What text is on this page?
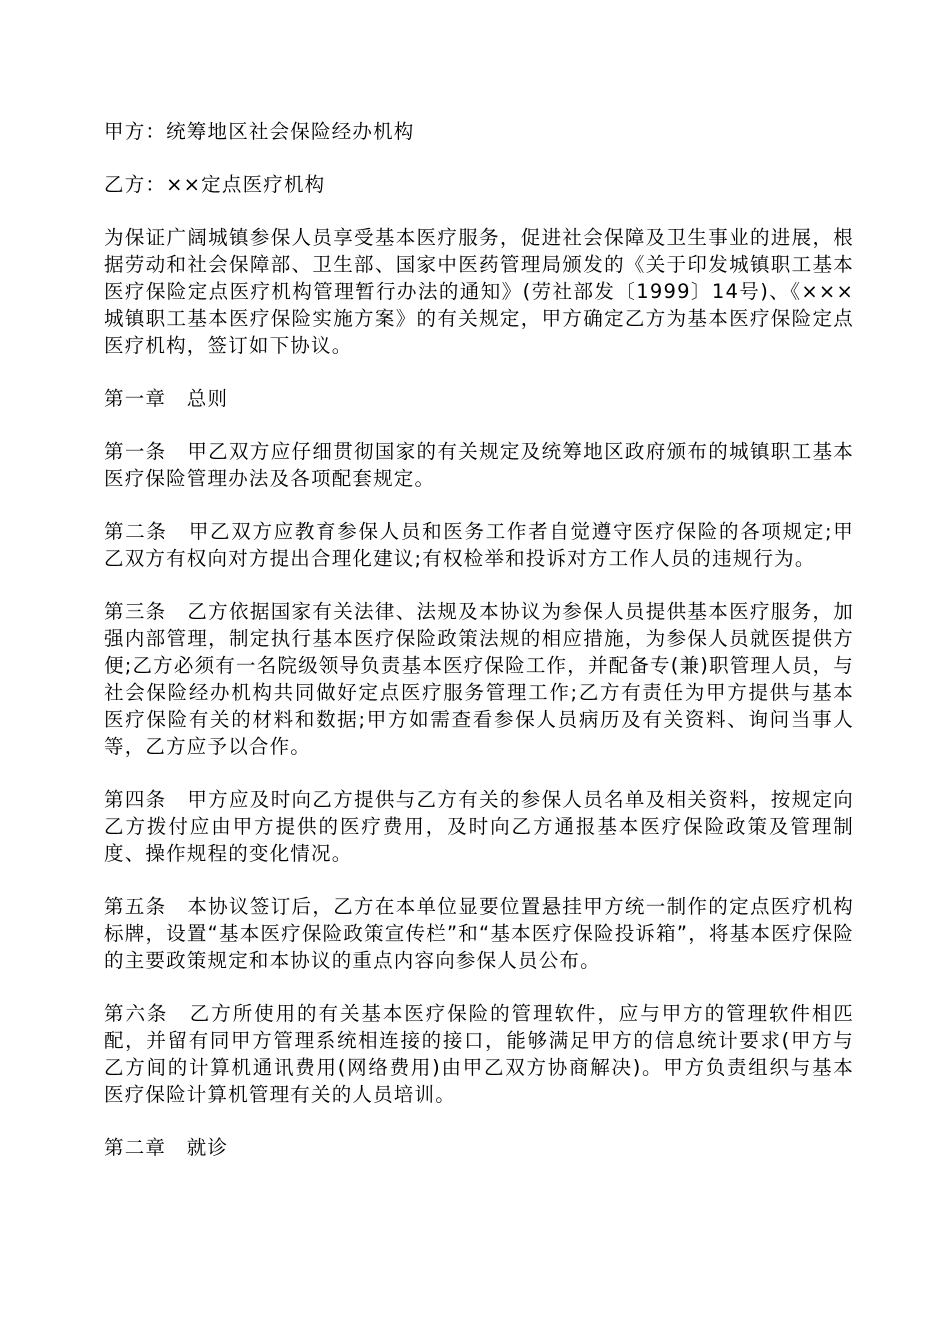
甲方：统筹地区社会保险经办机构
乙方：××定点医疗机构
为保证广阔城镇参保人员享受基本医疗服务，促进社会保障及卫生事业的进展，根据劳动和社会保障部、卫生部、国家中医药管理局颁发的《关于印发城镇职工基本医疗保险定点医疗机构管理暂行办法的通知》(劳社部发〔1999〕14号)、《×××城镇职工基本医疗保险实施方案》的有关规定，甲方确定乙方为基本医疗保险定点医疗机构，签订如下协议。
第一章　总则
第一条　甲乙双方应仔细贯彻国家的有关规定及统筹地区政府颁布的城镇职工基本医疗保险管理办法及各项配套规定。
第二条　甲乙双方应教育参保人员和医务工作者自觉遵守医疗保险的各项规定;甲乙双方有权向对方提出合理化建议;有权检举和投诉对方工作人员的违规行为。
第三条　乙方依据国家有关法律、法规及本协议为参保人员提供基本医疗服务，加强内部管理，制定执行基本医疗保险政策法规的相应措施，为参保人员就医提供方便;乙方必须有一名院级领导负责基本医疗保险工作，并配备专(兼)职管理人员，与社会保险经办机构共同做好定点医疗服务管理工作;乙方有责任为甲方提供与基本医疗保险有关的材料和数据;甲方如需查看参保人员病历及有关资料、询问当事人等，乙方应予以合作。
第四条　甲方应及时向乙方提供与乙方有关的参保人员名单及相关资料，按规定向乙方拨付应由甲方提供的医疗费用，及时向乙方通报基本医疗保险政策及管理制度、操作规程的变化情况。
第五条　本协议签订后，乙方在本单位显要位置悬挂甲方统一制作的定点医疗机构标牌，设置“基本医疗保险政策宣传栏”和“基本医疗保险投诉箱”，将基本医疗保险的主要政策规定和本协议的重点内容向参保人员公布。
第六条　乙方所使用的有关基本医疗保险的管理软件，应与甲方的管理软件相匹配，并留有同甲方管理系统相连接的接口，能够满足甲方的信息统计要求(甲方与乙方间的计算机通讯费用(网络费用)由甲乙双方协商解决)。甲方负责组织与基本医疗保险计算机管理有关的人员培训。
第二章　就诊
